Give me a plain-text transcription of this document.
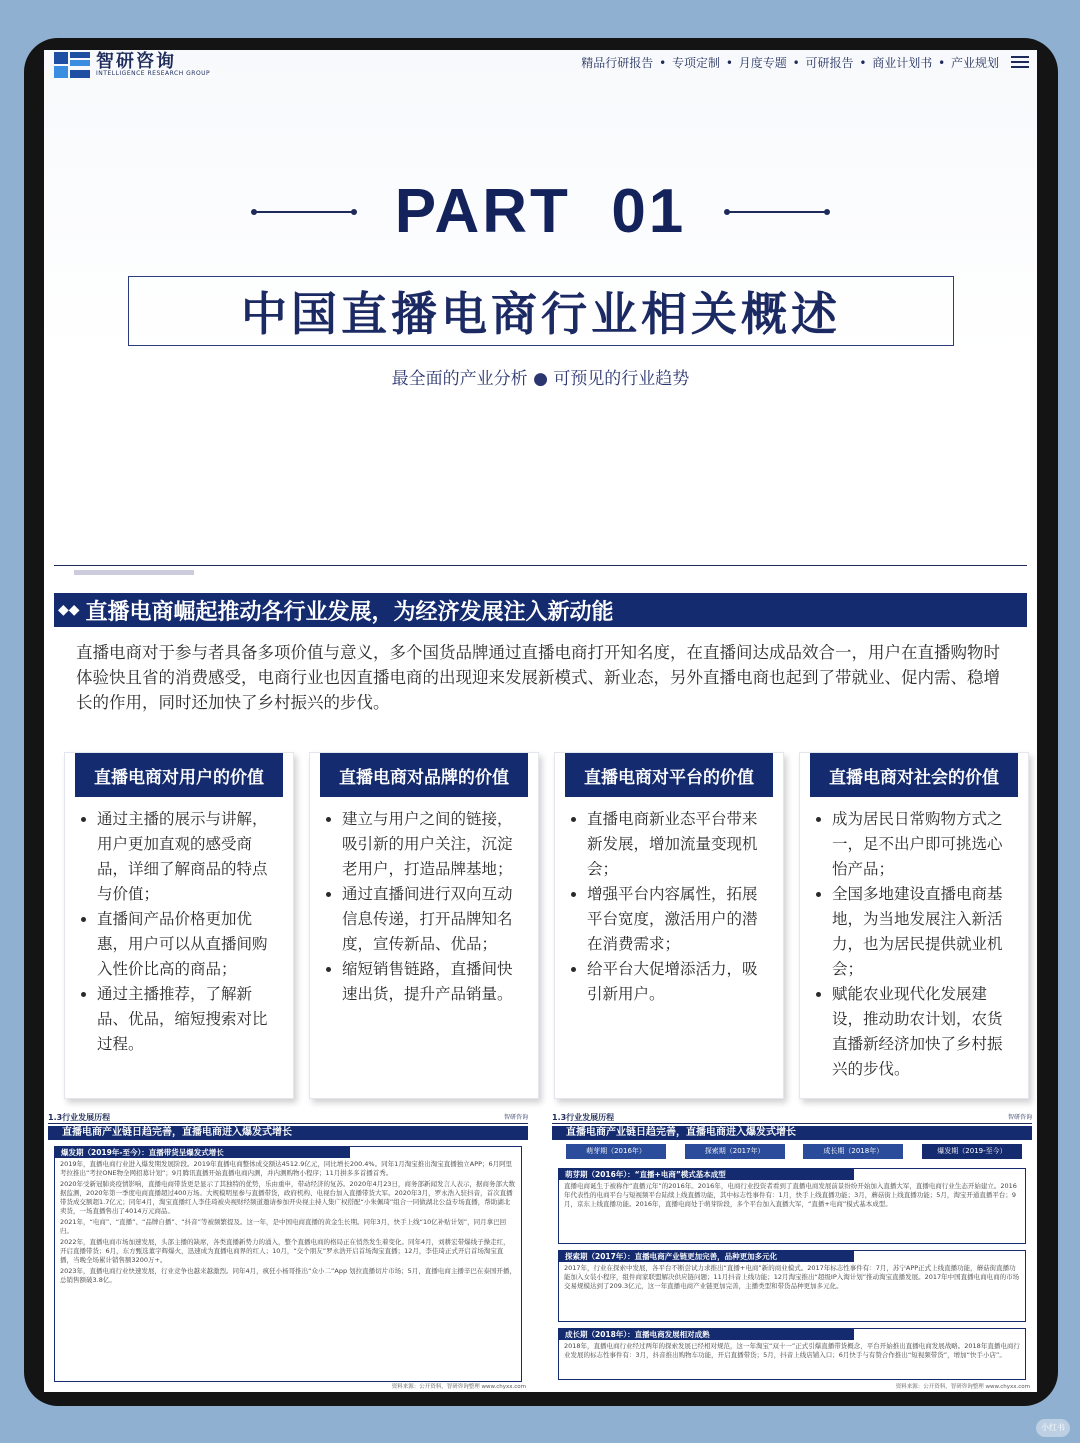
智研咨询
INTELLIGENCE RESEARCH GROUP
精品行研报告 • 专项定制 • 月度专题 • 可研报告 • 商业计划书 • 产业规划
PART  01
中国直播电商行业相关概述
最全面的产业分析 ● 可预见的行业趋势
◆◆ 直播电商崛起推动各行业发展，为经济发展注入新动能
直播电商对于参与者具备多项价值与意义，多个国货品牌通过直播电商打开知名度，在直播间达成品效合一，用户在直播购物时体验快且省的消费感受，电商行业也因直播电商的出现迎来发展新模式、新业态，另外直播电商也起到了带就业、促内需、稳增长的作用，同时还加快了乡村振兴的步伐。
直播电商对用户的价值
• 通过主播的展示与讲解，用户更加直观的感受商品，详细了解商品的特点与价值；
• 直播间产品价格更加优惠，用户可以从直播间购入性价比高的商品；
• 通过主播推荐，了解新品、优品，缩短搜索对比过程。
直播电商对品牌的价值
• 建立与用户之间的链接，吸引新的用户关注，沉淀老用户，打造品牌基地；
• 通过直播间进行双向互动信息传递，打开品牌知名度，宣传新品、优品；
• 缩短销售链路，直播间快速出货，提升产品销量。
直播电商对平台的价值
• 直播电商新业态平台带来新发展，增加流量变现机会；
• 增强平台内容属性，拓展平台宽度，激活用户的潜在消费需求；
• 给平台大促增添活力，吸引新用户。
直播电商对社会的价值
• 成为居民日常购物方式之一，足不出户即可挑选心怡产品；
• 全国多地建设直播电商基地，为当地发展注入新活力，也为居民提供就业机会；
• 赋能农业现代化发展建设，推动助农计划，农货直播新经济加快了乡村振兴的步伐。
1.3行业发展历程	智研咨询
直播电商产业链日趋完善，直播电商进入爆发式增长
爆发期（2019年-至今）：直播带货呈爆发式增长

2019年，直播电商行业进入爆发期发展阶段。2019年直播电商整体成交额达4512.9亿元，同比增长200.4%。同年1月淘宝推出淘宝直播独立APP；6月阿里考拉推出“考拉ONE物全网招募计划”；9月腾讯直播开始直播电商内测，并内测购物小程序；11月拼多多首播首秀。

2020年受新冠肺炎疫情影响，直播电商带货更是显示了其独特的优势，乐由重申，带动经济的复苏。2020年4月23日，商务部新闻发言人表示，据商务部大数据监测，2020年第一季度电商直播超过400万场。大规模明星参与直播带货，政府机构、电视台加入直播带货大军。2020年3月，罗永浩入驻抖音，首次直播带货成交额超1.7亿元；同年4月，淘宝直播红人李佳琦被央视财经频道邀请参加开央视主持人集广权搭配“小朱佩琦”组合一同做湖北公益专场直播，帮助湖北卖货，一场直播售出了4014万元商品。

2021年，“电商”、“直播”、“品牌自播”、“抖音”等被频繁提及。这一年，是中国电商直播的黄金生长期。同年3月，快手上线“10亿补贴计划”，同月拿巴回归。

2022年，直播电商市场加速发展，头部主播的缺席，各类直播新势力的涌入，整个直播电商的格局正在悄然发生着变化。同年4月，刘耕宏带爆线子操走红，开启直播带货；6月，东方甄选董宇辉爆火，迅速成为直播电商界的红人；10月，“交个朋友”罗永浩开启首场淘宝直播；12月，李佳琦正式开启首场淘宝直播，当晚全场累计销售额3200万+。

2023年，直播电商行业快速发展，行业竞争也越来越激烈。同年4月，疯狂小杨哥推出“众小二”App 划拉直播切片市场；5月，直播电商主播辛巴在泰国开播，总销售额破3.8亿。

资料来源：公开资料，智研咨询整理 www.chyxx.com
1.3行业发展历程	智研咨询
直播电商产业链日趋完善，直播电商进入爆发式增长
萌芽期（2016年）	探索期（2017年）	成长期（2018年）	爆发期（2019-至今）
萌芽期（2016年）：“直播+电商”模式基本成型

直播电商诞生于被称作“直播元年”的2016年。2016年，电商行业投资者看到了直播电商发展前景纷纷开始加入直播大军，直播电商行业生态开始建立。2016年代表性的电商平台与短视频平台陆续上线直播功能，其中标志性事件有：1月，快手上线直播功能；3月，蘑菇街上线直播功能；5月，淘宝开通直播平台；9月，京东上线直播功能。2016年，直播电商处于萌芽阶段，多个平台加入直播大军，“直播+电商”模式基本成型。

探索期（2017年）：直播电商产业链更加完善，品种更加多元化

2017年，行业在探索中发展，各平台不断尝试力求推出“直播+电商”新的商业模式。2017年标志性事件有：7月，苏宁APP正式上线直播功能，蘑菇街直播功能加入女装小程序，组件商家联盟解决供应链问题；11月抖音上线功能；12月淘宝推出“超级IP入淘计划”推动淘宝直播发展。2017年中国直播电商电商的市场交易规模达到了209.3亿元，这一年直播电商产业链更加完善，主播类型和带货品种更加多元化。

成长期（2018年）：直播电商发展相对成熟

2018年，直播电商行业经过两年的探索发展已经相对规范，这一年淘宝“双十一”正式引爆直播带货概念，平台开始推出直播电商发展战略。2018年直播电商行业发展的标志性事件有：3月，抖音推出购物车功能，开启直播带货；5月，抖音上线店铺入口；6月快手与有赞合作推出“短视频带货”，增加“快手小店”。

资料来源：公开资料，智研咨询整理 www.chyxx.com
小红书
